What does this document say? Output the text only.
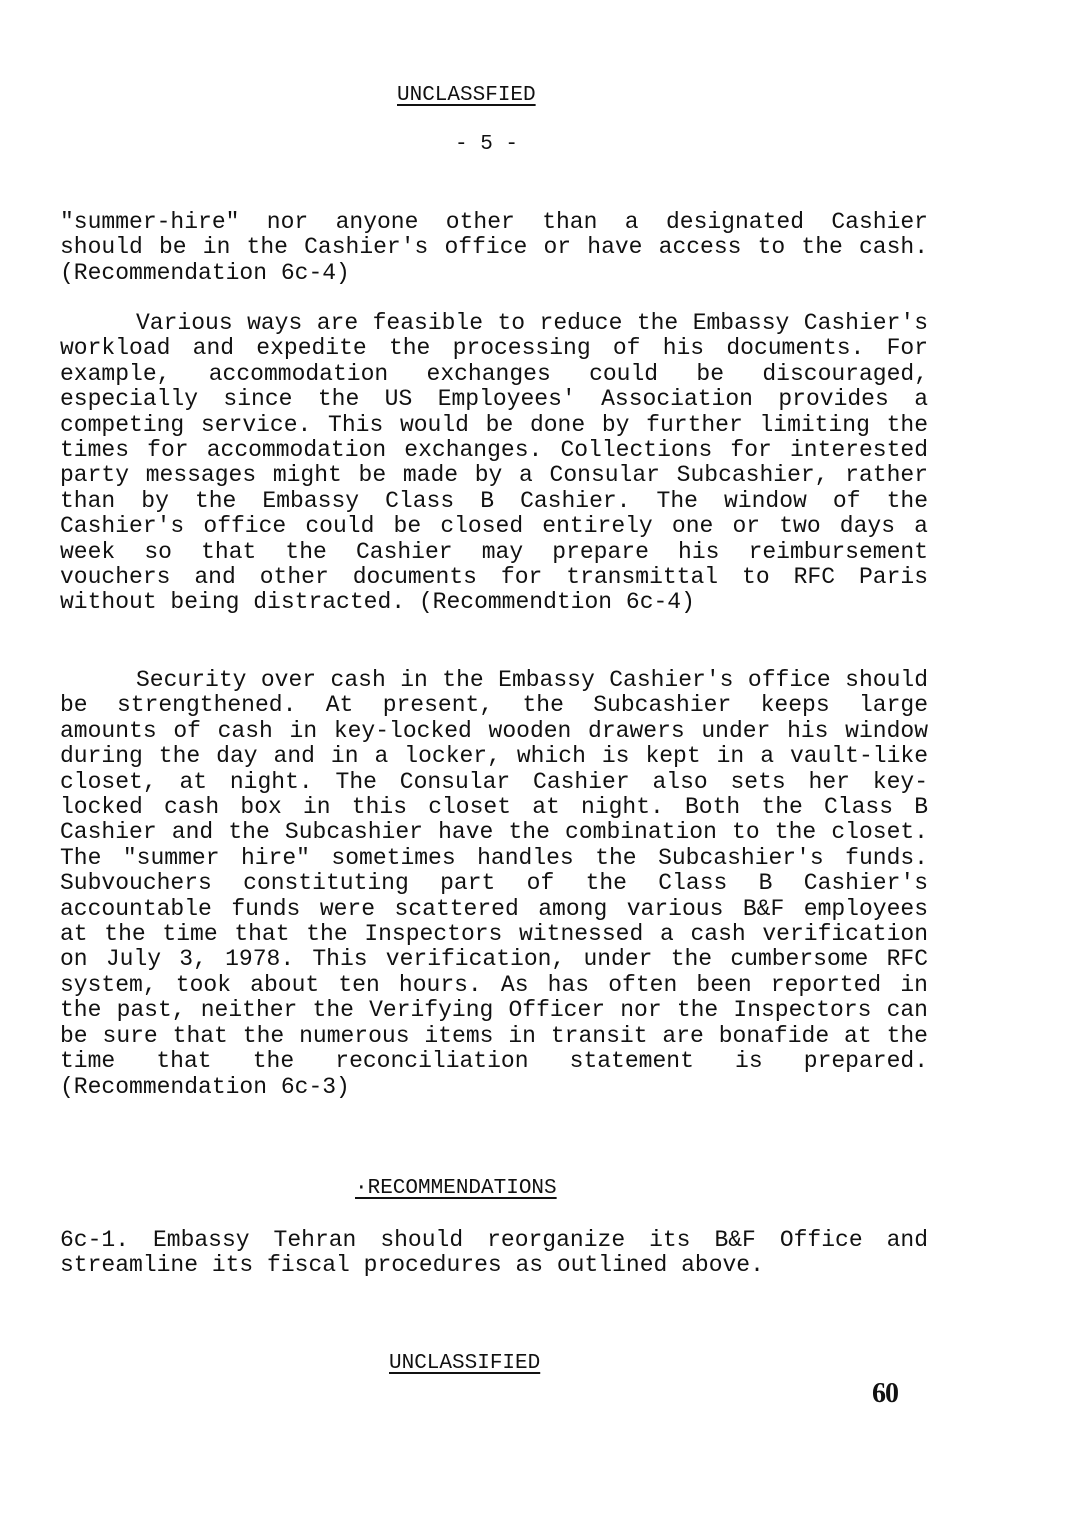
UNCLASSFIED
- 5 -

"summer-hire" nor anyone other than a designated Cashier should be in the Cashier's office or have access to the cash. (Recommendation 6c-4)

Various ways are feasible to reduce the Embassy Cashier's workload and expedite the processing of his documents. For example, accommodation exchanges could be discouraged, especially since the US Employees' Association provides a competing service. This would be done by further limiting the times for accommodation exchanges. Collections for interested party messages might be made by a Consular Subcashier, rather than by the Embassy Class B Cashier. The window of the Cashier's office could be closed entirely one or two days a week so that the Cashier may prepare his reimbursement vouchers and other documents for transmittal to RFC Paris without being distracted. (Recommendtion 6c-4)

Security over cash in the Embassy Cashier's office should be strengthened. At present, the Subcashier keeps large amounts of cash in key-locked wooden drawers under his window during the day and in a locker, which is kept in a vault-like closet, at night. The Consular Cashier also sets her key-locked cash box in this closet at night. Both the Class B Cashier and the Subcashier have the combination to the closet. The "summer hire" sometimes handles the Subcashier's funds. Subvouchers constituting part of the Class B Cashier's accountable funds were scattered among various B&F employees at the time that the Inspectors witnessed a cash verification on July 3, 1978. This verification, under the cumbersome RFC system, took about ten hours. As has often been reported in the past, neither the Verifying Officer nor the Inspectors can be sure that the numerous items in transit are bonafide at the time that the reconciliation statement is prepared. (Recommendation 6c-3)

·RECOMMENDATIONS

6c-1. Embassy Tehran should reorganize its B&F Office and streamline its fiscal procedures as outlined above.

UNCLASSIFIED
60
